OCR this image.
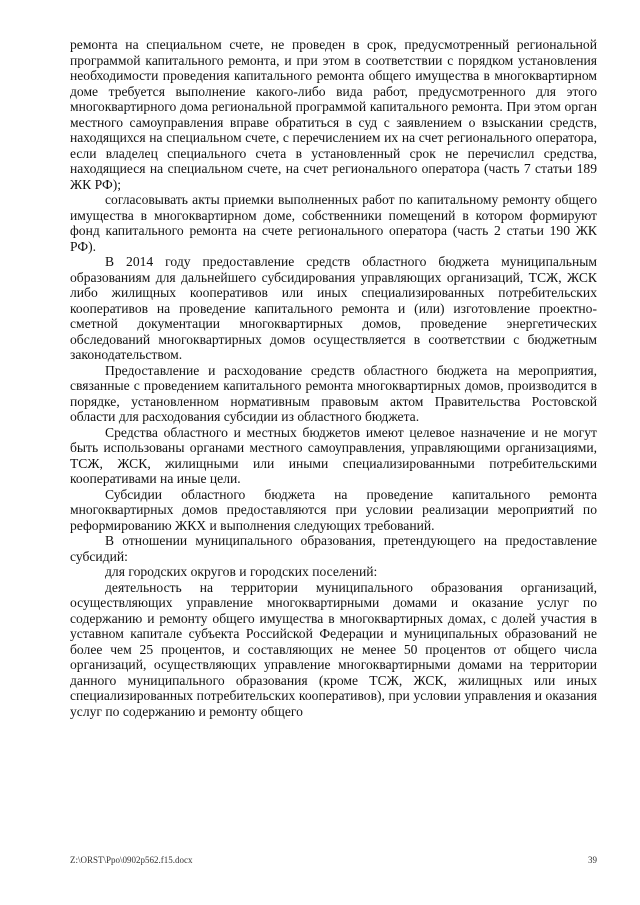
ремонта на специальном счете, не проведен в срок, предусмотренный региональной программой капитального ремонта, и при этом в соответствии с порядком установления необходимости проведения капитального ремонта общего имущества в многоквартирном доме требуется выполнение какого-либо вида работ, предусмотренного для этого многоквартирного дома региональной программой капитального ремонта. При этом орган местного самоуправления вправе обратиться в суд с заявлением о взыскании средств, находящихся на специальном счете, с перечислением их на счет регионального оператора, если владелец специального счета в установленный срок не перечислил средства, находящиеся на специальном счете, на счет регионального оператора (часть 7 статьи 189 ЖК РФ);

согласовывать акты приемки выполненных работ по капитальному ремонту общего имущества в многоквартирном доме, собственники помещений в котором формируют фонд капитального ремонта на счете регионального оператора (часть 2 статьи 190 ЖК РФ).

В 2014 году предоставление средств областного бюджета муниципальным образованиям для дальнейшего субсидирования управляющих организаций, ТСЖ, ЖСК либо жилищных кооперативов или иных специализированных потребительских кооперативов на проведение капитального ремонта и (или) изготовление проектно-сметной документации многоквартирных домов, проведение энергетических обследований многоквартирных домов осуществляется в соответствии с бюджетным законодательством.

Предоставление и расходование средств областного бюджета на мероприятия, связанные с проведением капитального ремонта многоквартирных домов, производится в порядке, установленном нормативным правовым актом Правительства Ростовской области для расходования субсидии из областного бюджета.

Средства областного и местных бюджетов имеют целевое назначение и не могут быть использованы органами местного самоуправления, управляющими организациями, ТСЖ, ЖСК, жилищными или иными специализированными потребительскими кооперативами на иные цели.

Субсидии областного бюджета на проведение капитального ремонта многоквартирных домов предоставляются при условии реализации мероприятий по реформированию ЖКХ и выполнения следующих требований.

В отношении муниципального образования, претендующего на предоставление субсидий:

для городских округов и городских поселений:

деятельность на территории муниципального образования организаций, осуществляющих управление многоквартирными домами и оказание услуг по содержанию и ремонту общего имущества в многоквартирных домах, с долей участия в уставном капитале субъекта Российской Федерации и муниципальных образований не более чем 25 процентов, и составляющих не менее 50 процентов от общего числа организаций, осуществляющих управление многоквартирными домами на территории данного муниципального образования (кроме ТСЖ, ЖСК, жилищных или иных специализированных потребительских кооперативов), при условии управления и оказания услуг по содержанию и ремонту общего

Z:\ORST\Ppo\0902p562.f15.docx	39
